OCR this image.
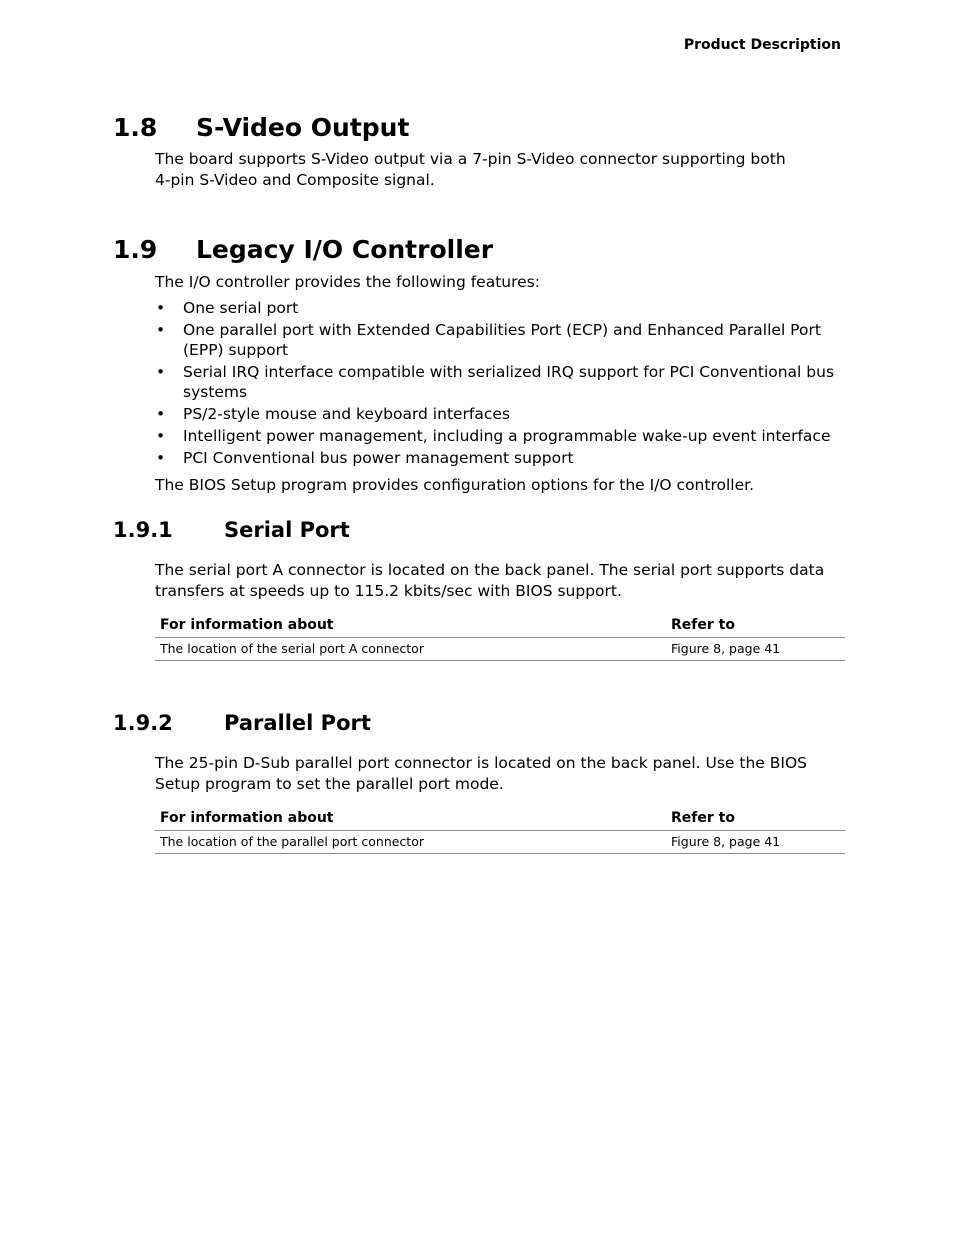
Product Description
1.8 S-Video Output

The board supports S-Video output via a 7-pin S-Video connector supporting both
4-pin S-Video and Composite signal.

1.9 Legacy I/O Controller

The I/O controller provides the following features:

• One serial port
• One parallel port with Extended Capabilities Port (ECP) and Enhanced Parallel Port (EPP) support
• Serial IRQ interface compatible with serialized IRQ support for PCI Conventional bus systems
• PS/2-style mouse and keyboard interfaces
• Intelligent power management, including a programmable wake-up event interface
• PCI Conventional bus power management support

The BIOS Setup program provides configuration options for the I/O controller.

1.9.1 Serial Port

The serial port A connector is located on the back panel. The serial port supports data transfers at speeds up to 115.2 kbits/sec with BIOS support.

For information about	Refer to
The location of the serial port A connector	Figure 8, page 41
1.9.2 Parallel Port

The 25-pin D-Sub parallel port connector is located on the back panel. Use the BIOS Setup program to set the parallel port mode.

For information about	Refer to
The location of the parallel port connector	Figure 8, page 41
